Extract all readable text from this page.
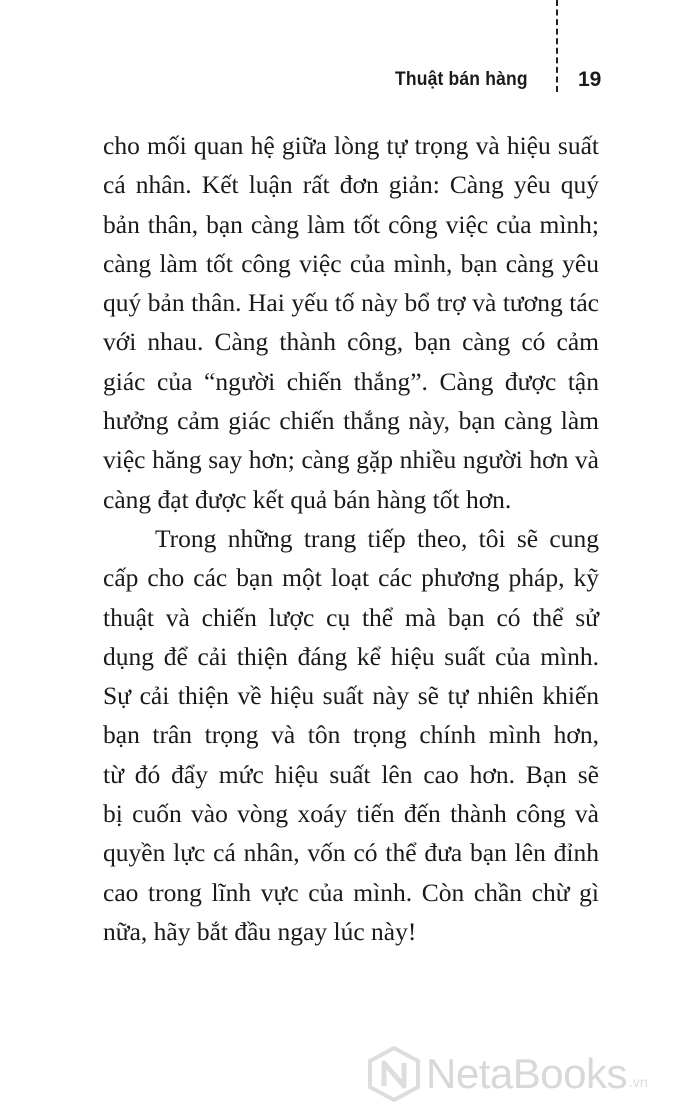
Thuật bán hàng 19

cho mối quan hệ giữa lòng tự trọng và hiệu suất
cá nhân. Kết luận rất đơn giản: Càng yêu quý
bản thân, bạn càng làm tốt công việc của mình;
càng làm tốt công việc của mình, bạn càng yêu
quý bản thân. Hai yếu tố này bổ trợ và tương tác
với nhau. Càng thành công, bạn càng có cảm
giác của “người chiến thắng”. Càng được tận
hưởng cảm giác chiến thắng này, bạn càng làm
việc hăng say hơn; càng gặp nhiều người hơn và
càng đạt được kết quả bán hàng tốt hơn.

Trong những trang tiếp theo, tôi sẽ cung
cấp cho các bạn một loạt các phương pháp, kỹ
thuật và chiến lược cụ thể mà bạn có thể sử
dụng để cải thiện đáng kể hiệu suất của mình.
Sự cải thiện về hiệu suất này sẽ tự nhiên khiến
bạn trân trọng và tôn trọng chính mình hơn,
từ đó đẩy mức hiệu suất lên cao hơn. Bạn sẽ
bị cuốn vào vòng xoáy tiến đến thành công và
quyền lực cá nhân, vốn có thể đưa bạn lên đỉnh
cao trong lĩnh vực của mình. Còn chần chừ gì
nữa, hãy bắt đầu ngay lúc này!

NetaBooks .vn
